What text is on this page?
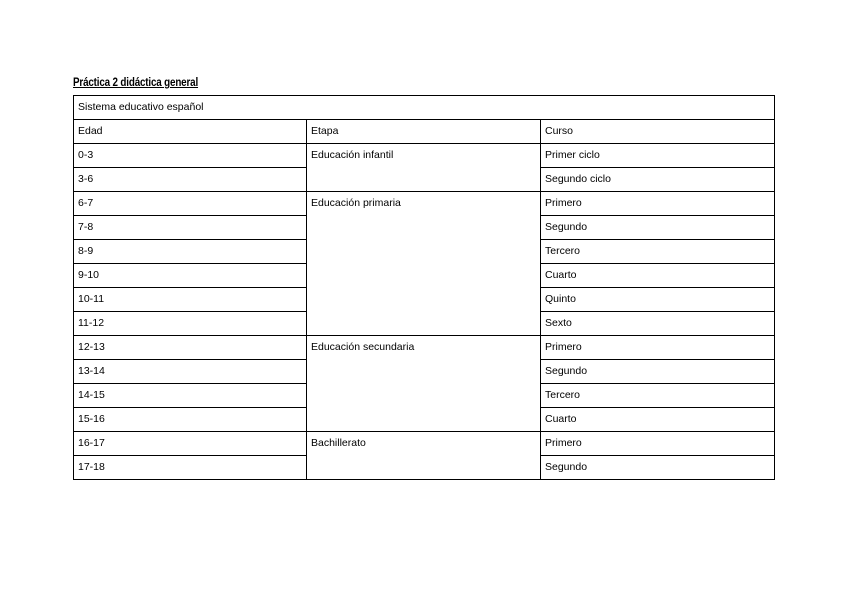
Práctica 2 didáctica general
Sistema educativo español		
Edad	Etapa	Curso
0-3	Educación infantil	Primer ciclo
3-6		Segundo ciclo
6-7	Educación primaria	Primero
7-8		Segundo
8-9		Tercero
9-10		Cuarto
10-11		Quinto
11-12		Sexto
12-13	Educación secundaria	Primero
13-14		Segundo
14-15		Tercero
15-16		Cuarto
16-17	Bachillerato	Primero
17-18		Segundo
